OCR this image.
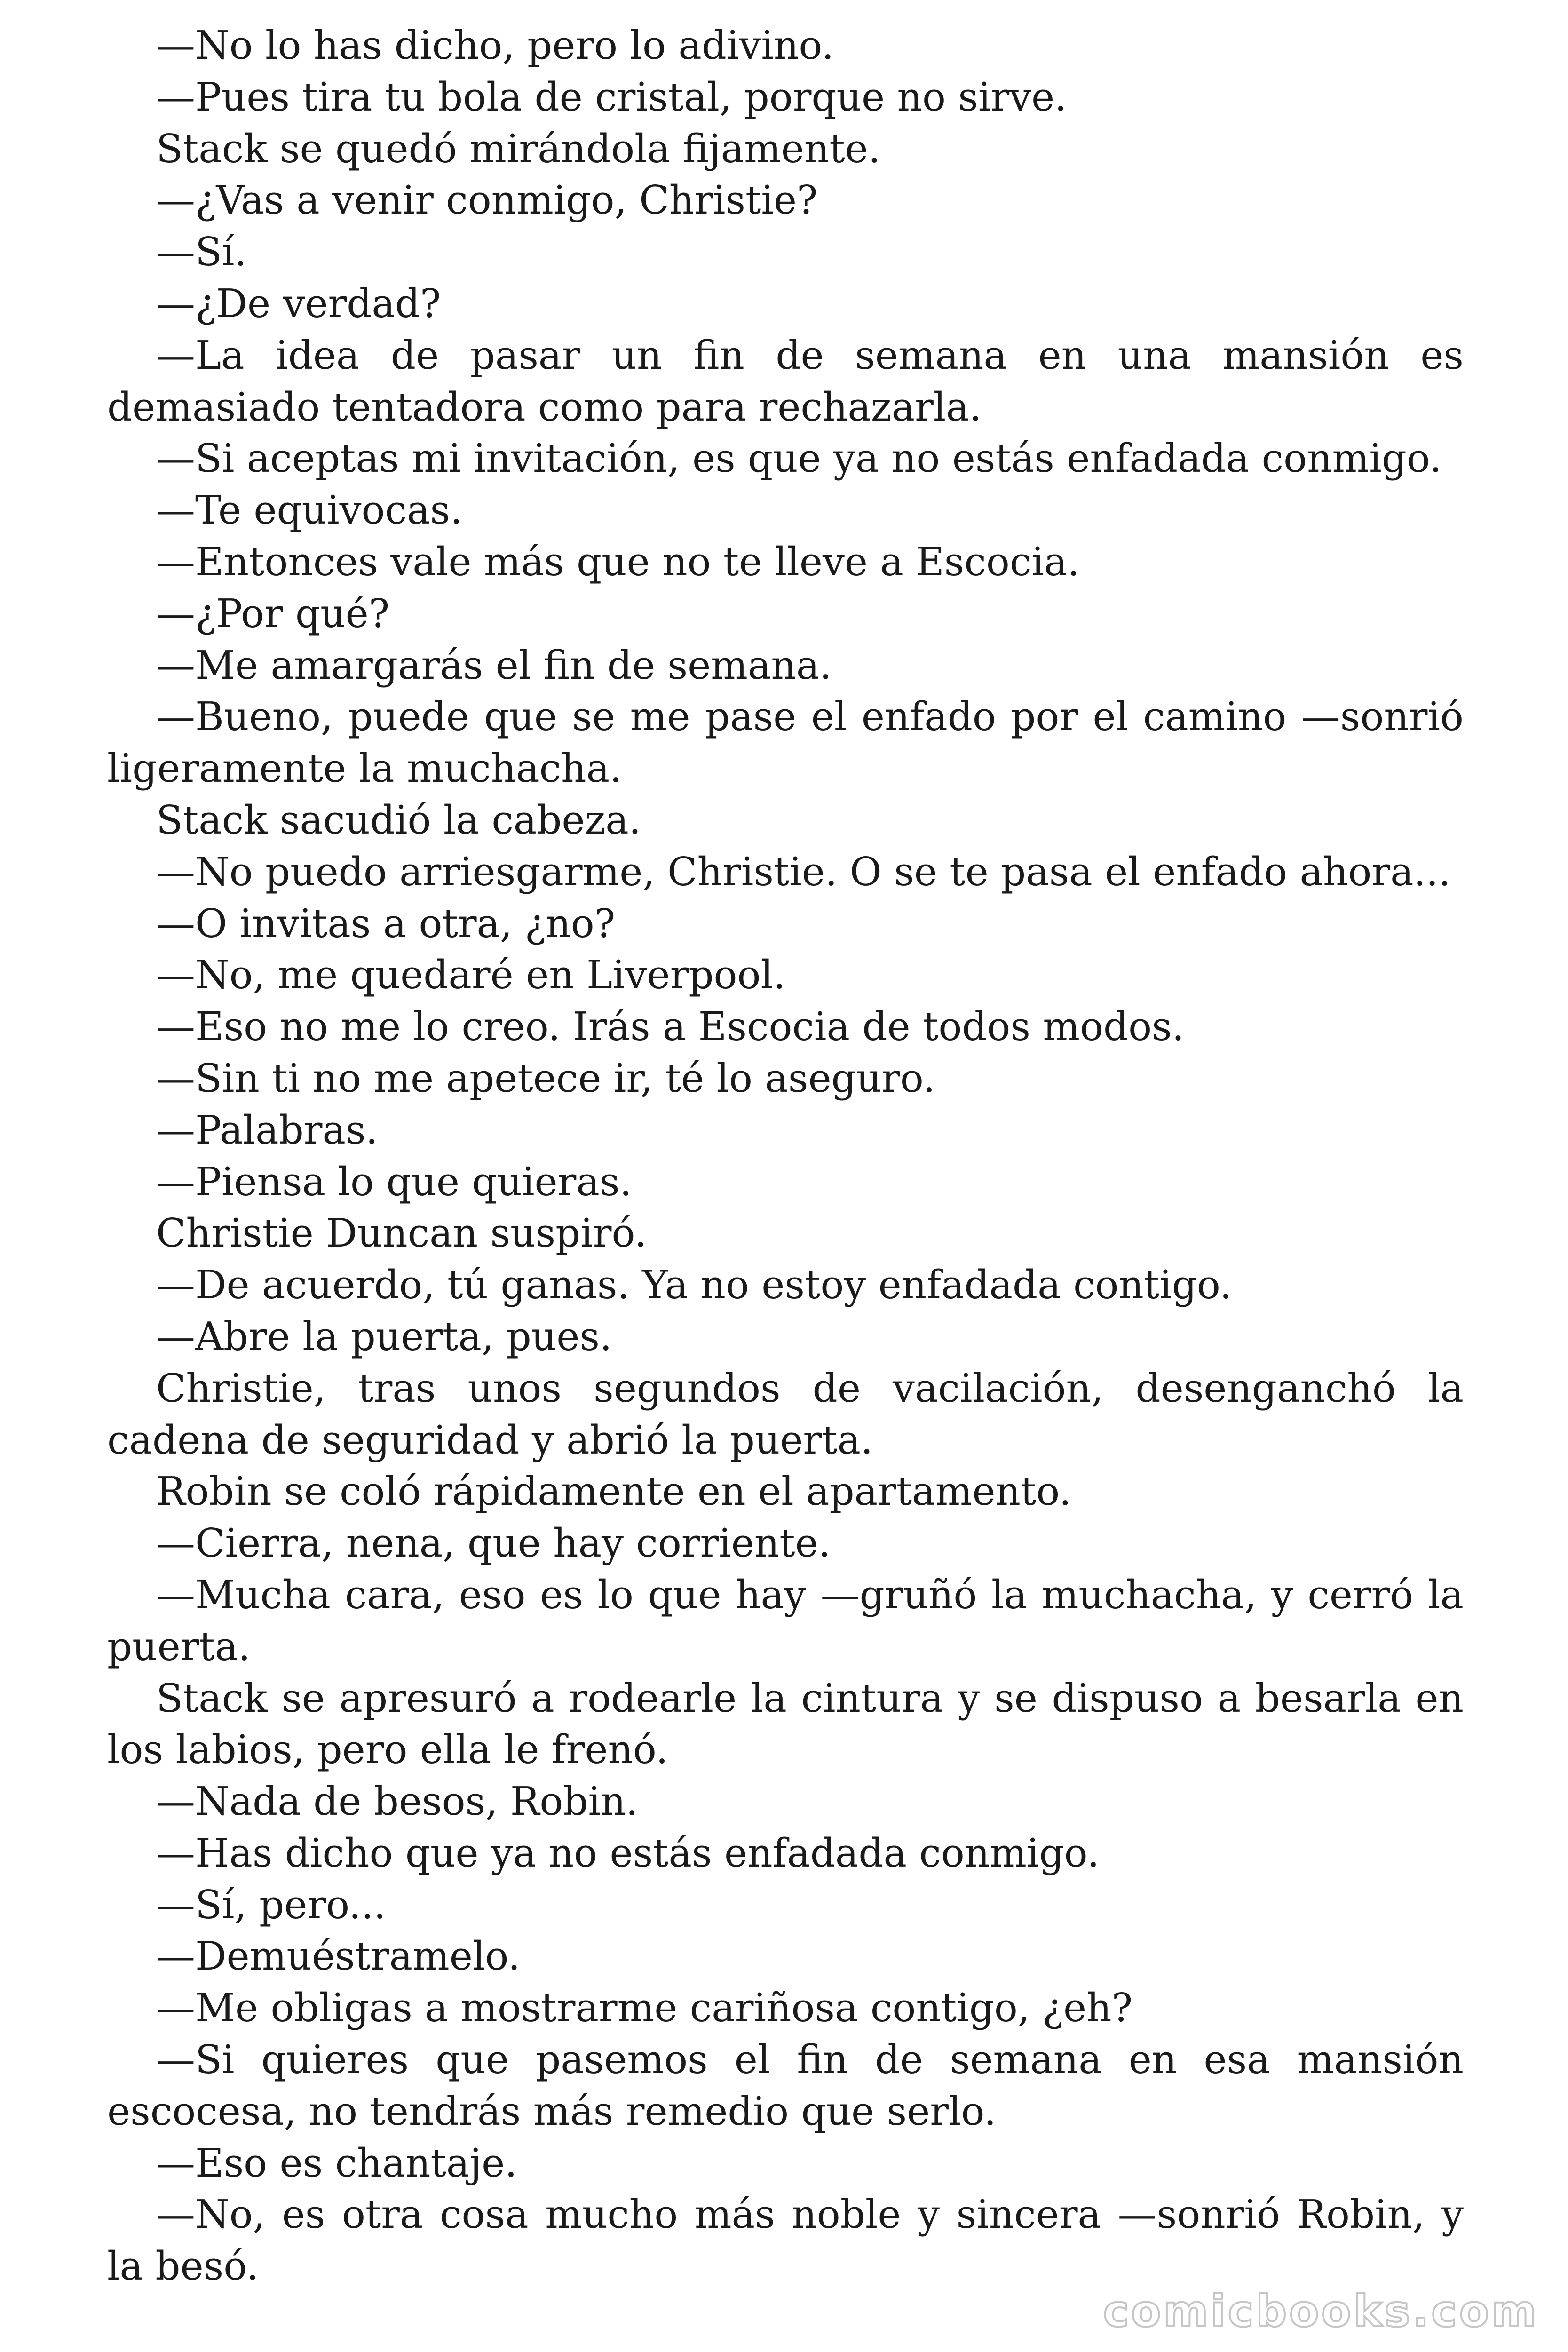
—No lo has dicho, pero lo adivino.

—Pues tira tu bola de cristal, porque no sirve.

Stack se quedó mirándola fijamente.

—¿Vas a venir conmigo, Christie?

—Sí.

—¿De verdad?

—La idea de pasar un fin de semana en una mansión es demasiado tentadora como para rechazarla.

—Si aceptas mi invitación, es que ya no estás enfadada conmigo.

—Te equivocas.

—Entonces vale más que no te lleve a Escocia.

—¿Por qué?

—Me amargarás el fin de semana.

—Bueno, puede que se me pase el enfado por el camino —sonrió ligeramente la muchacha.

Stack sacudió la cabeza.

—No puedo arriesgarme, Christie. O se te pasa el enfado ahora...

—O invitas a otra, ¿no?

—No, me quedaré en Liverpool.

—Eso no me lo creo. Irás a Escocia de todos modos.

—Sin ti no me apetece ir, té lo aseguro.

—Palabras.

—Piensa lo que quieras.

Christie Duncan suspiró.

—De acuerdo, tú ganas. Ya no estoy enfadada contigo.

—Abre la puerta, pues.

Christie, tras unos segundos de vacilación, desenganchó la cadena de seguridad y abrió la puerta.

Robin se coló rápidamente en el apartamento.

—Cierra, nena, que hay corriente.

—Mucha cara, eso es lo que hay —gruñó la muchacha, y cerró la puerta.

Stack se apresuró a rodearle la cintura y se dispuso a besarla en los labios, pero ella le frenó.

—Nada de besos, Robin.

—Has dicho que ya no estás enfadada conmigo.

—Sí, pero...

—Demuéstramelo.

—Me obligas a mostrarme cariñosa contigo, ¿eh?

—Si quieres que pasemos el fin de semana en esa mansión escocesa, no tendrás más remedio que serlo.

—Eso es chantaje.

—No, es otra cosa mucho más noble y sincera —sonrió Robin, y la besó.

comicbooks.com
